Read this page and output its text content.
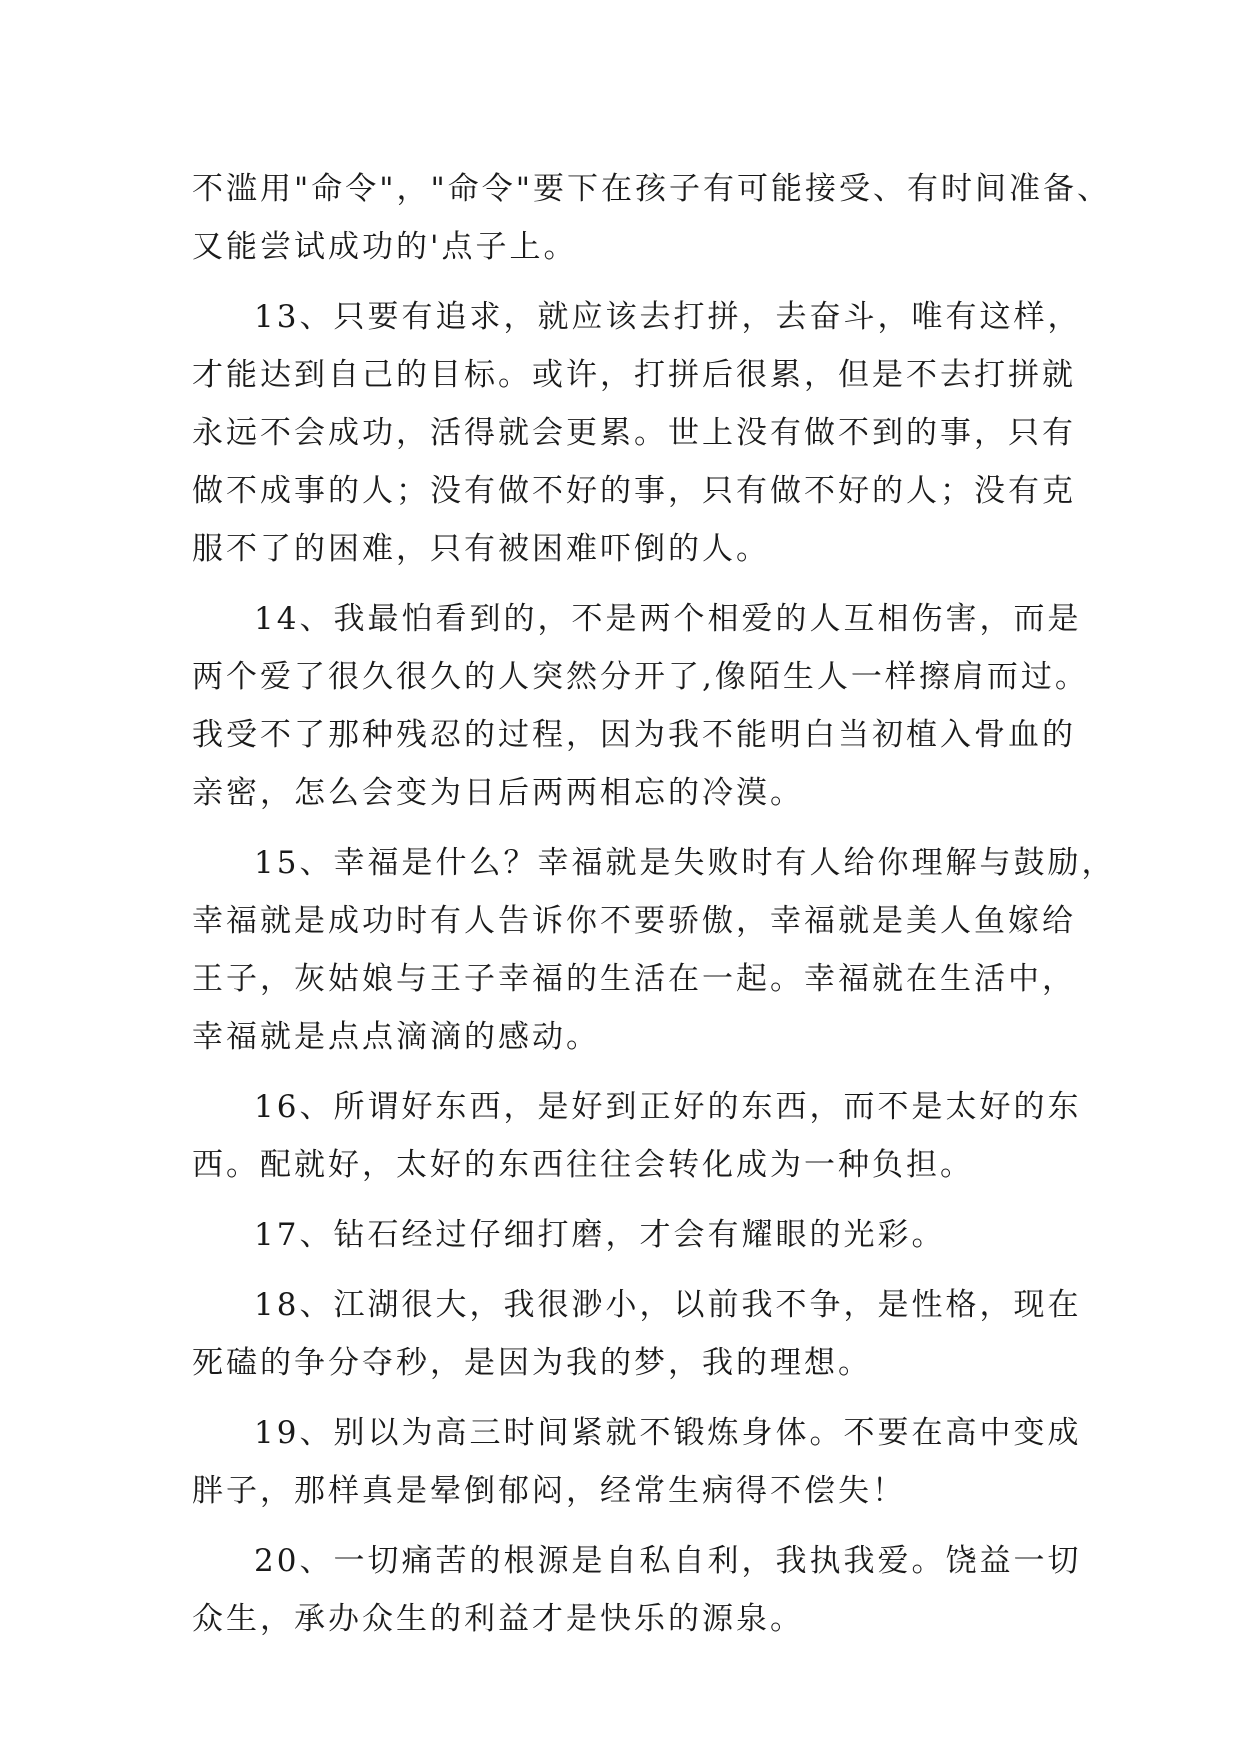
不滥用"命令"，"命令"要下在孩子有可能接受、有时间准备、
又能尝试成功的'点子上。
13、只要有追求，就应该去打拼，去奋斗，唯有这样，
才能达到自己的目标。或许，打拼后很累，但是不去打拼就
永远不会成功，活得就会更累。世上没有做不到的事，只有
做不成事的人；没有做不好的事，只有做不好的人；没有克
服不了的困难，只有被困难吓倒的人。
14、我最怕看到的，不是两个相爱的人互相伤害，而是
两个爱了很久很久的人突然分开了,像陌生人一样擦肩而过。
我受不了那种残忍的过程，因为我不能明白当初植入骨血的
亲密，怎么会变为日后两两相忘的冷漠。
15、幸福是什么？幸福就是失败时有人给你理解与鼓励，
幸福就是成功时有人告诉你不要骄傲，幸福就是美人鱼嫁给
王子，灰姑娘与王子幸福的生活在一起。幸福就在生活中，
幸福就是点点滴滴的感动。
16、所谓好东西，是好到正好的东西，而不是太好的东
西。配就好，太好的东西往往会转化成为一种负担。
17、钻石经过仔细打磨，才会有耀眼的光彩。
18、江湖很大，我很渺小，以前我不争，是性格，现在
死磕的争分夺秒，是因为我的梦，我的理想。
19、别以为高三时间紧就不锻炼身体。不要在高中变成
胖子，那样真是晕倒郁闷，经常生病得不偿失！
20、一切痛苦的根源是自私自利，我执我爱。饶益一切
众生，承办众生的利益才是快乐的源泉。
